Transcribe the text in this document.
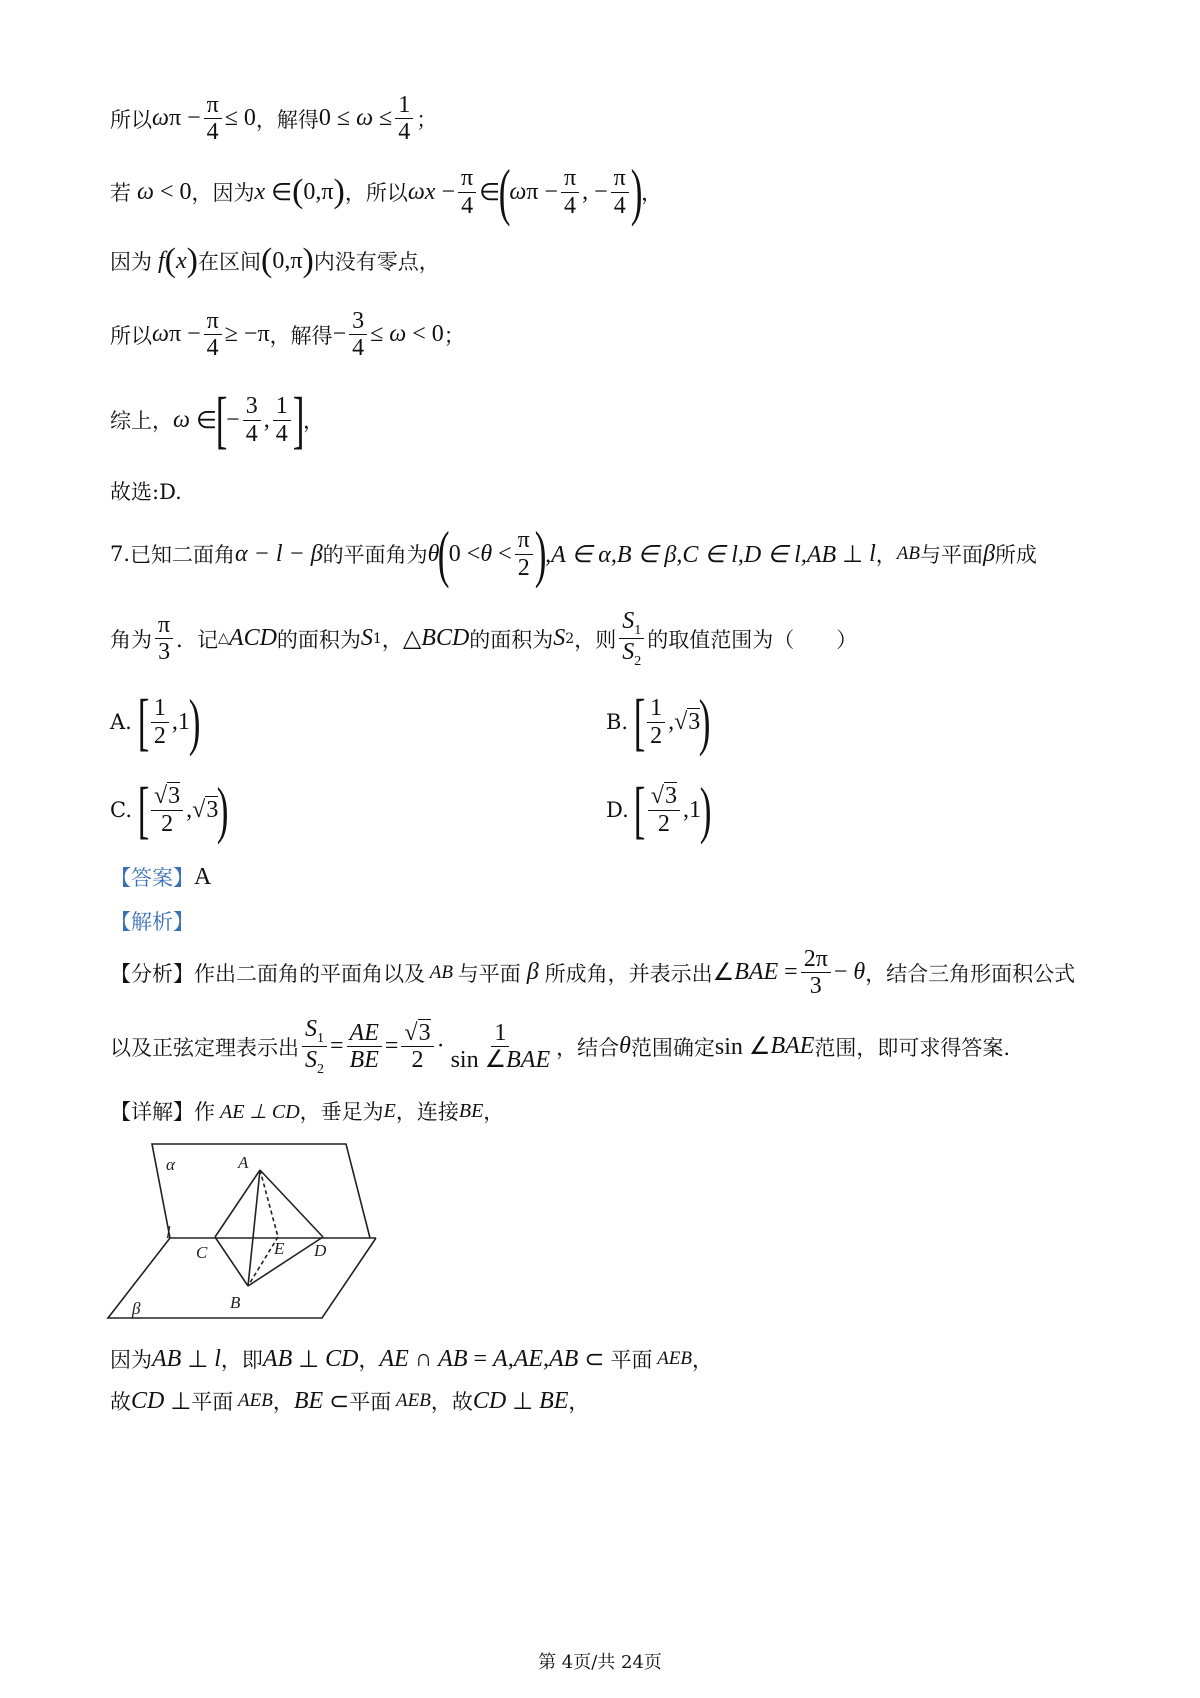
所以 ω $\pi - \frac{\pi}{4} \le 0$ ，解得 $0 \le \omega \le \frac{1}{4}$ ；
若 ω < 0 ，因为 x ∈ ( 0,π ) ，所以 $\omega x - \frac{\pi}{4}$ ∈
(
ω $\pi - \frac{\pi}{4}$ , − $\frac{\pi}{4}$ )
，
因为 f ( x ) 在区间 ( 0,π ) 内没有零点，
所以 ω $\pi - \frac{\pi}{4} \ge -\pi$ ，解得 − $\frac{3}{4} \le \omega < 0$ ；
综上， ω ∈
[
− $\frac{3}{4}$ , $\frac{1}{4}$ ]
，
故选:D.
7. 已知二面角 α − l − β 的平面角为 θ
(
$0 < \theta < \frac{\pi}{2}$ )
,A ∈ α,B ∈ β,C ∈ l,D ∈ l,AB ⊥ l ， AB 与平面 β 所成
角为 $\frac{\pi}{3}$ ．记 △ ACD 的面积为 S 1 ， △ BCD 的面积为 S 2 ，则 $\frac{S_1}{S_2}$ 的取值范围为（　　）
A.
[ $\frac{1}{2} ,1$
)	B.
[ $\frac{1}{2} ,√3$
)
C.
[ $\frac{√3}{2} ,√3$
)	D.
[ $\frac{√3}{2} ,1$
)
【答案】 A
【解析】
【分析】 作出二面角的平面角以及 AB 与平面 β 所成角，并表示出 ∠ BAE = $\frac{2\pi}{3} - \theta$ ，结合三角形面积公式
以及正弦定理表示出 $\frac{S_1}{S_2} = \frac{AE}{BE} = \frac{√3}{2} \cdot \frac{1}{\text{sin ∠BAE}}$ ，结合 θ 范围确定 sin ∠ BAE 范围，即可求得答案.
【详解】 作 AE ⊥ CD ，垂足为 E ，连接 BE ，
α	A
l
C	E D
β	B
因为 AB ⊥ l ，即 AB ⊥ CD ， AE ∩ AB = A,AE,AB ⊂ 平面 AEB ，
故 CD ⊥ 平面 AEB ， BE ⊂ 平面 AEB ，故 CD ⊥ BE ，
第 4页/共 24页
